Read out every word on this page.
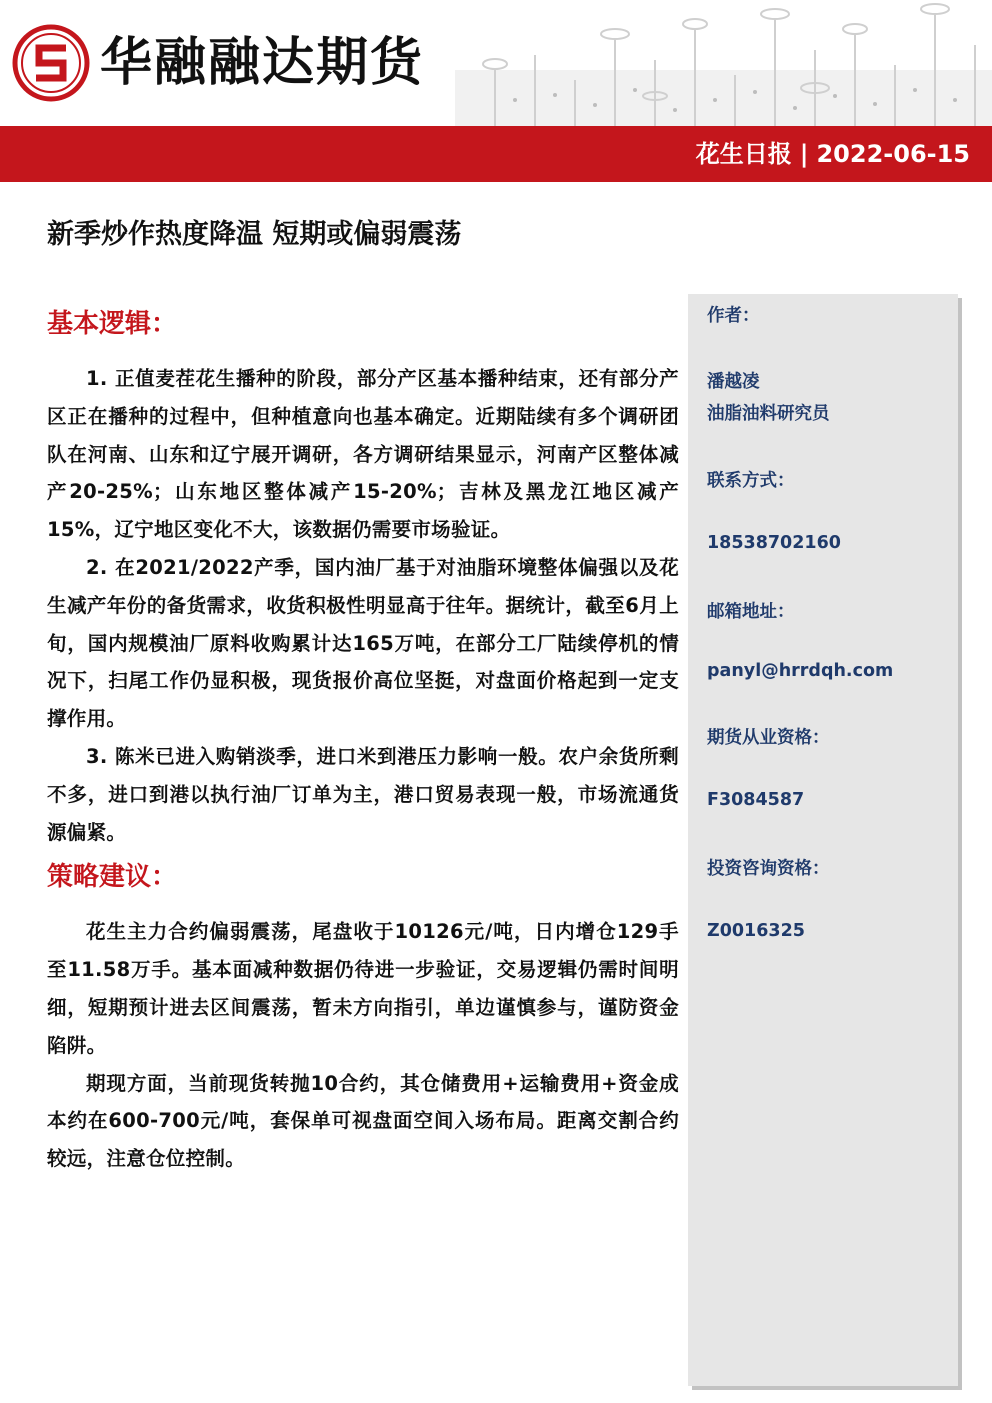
华融融达期货
花生日报 | 2022-06-15
新季炒作热度降温 短期或偏弱震荡
基本逻辑：

1. 正值麦茬花生播种的阶段，部分产区基本播种结束，还有部分产区正在播种的过程中，但种植意向也基本确定。近期陆续有多个调研团队在河南、山东和辽宁展开调研，各方调研结果显示，河南产区整体减产20-25%；山东地区整体减产15-20%；吉林及黑龙江地区减产15%，辽宁地区变化不大，该数据仍需要市场验证。

2. 在2021/2022产季，国内油厂基于对油脂环境整体偏强以及花生减产年份的备货需求，收货积极性明显高于往年。据统计，截至6月上旬，国内规模油厂原料收购累计达165万吨，在部分工厂陆续停机的情况下，扫尾工作仍显积极，现货报价高位坚挺，对盘面价格起到一定支撑作用。

3. 陈米已进入购销淡季，进口米到港压力影响一般。农户余货所剩不多，进口到港以执行油厂订单为主，港口贸易表现一般，市场流通货源偏紧。

策略建议：

花生主力合约偏弱震荡，尾盘收于10126元/吨，日内增仓129手至11.58万手。基本面减种数据仍待进一步验证，交易逻辑仍需时间明细，短期预计进去区间震荡，暂未方向指引，单边谨慎参与，谨防资金陷阱。

期现方面，当前现货转抛10合约，其仓储费用+运输费用+资金成本约在600-700元/吨，套保单可视盘面空间入场布局。距离交割合约较远，注意仓位控制。

作者：
潘越凌
油脂油料研究员
联系方式：
18538702160
邮箱地址：
panyl@hrrdqh.com
期货从业资格：
F3084587
投资咨询资格：
Z0016325
